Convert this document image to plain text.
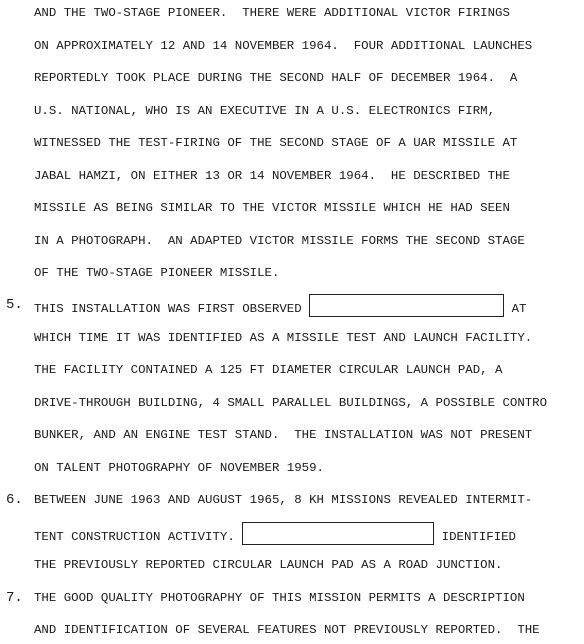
AND THE TWO-STAGE PIONEER.  THERE WERE ADDITIONAL VICTOR FIRINGS
ON APPROXIMATELY 12 AND 14 NOVEMBER 1964.  FOUR ADDITIONAL LAUNCHES
REPORTEDLY TOOK PLACE DURING THE SECOND HALF OF DECEMBER 1964.  A
U.S. NATIONAL, WHO IS AN EXECUTIVE IN A U.S. ELECTRONICS FIRM,
WITNESSED THE TEST-FIRING OF THE SECOND STAGE OF A UAR MISSILE AT
JABAL HAMZI, ON EITHER 13 OR 14 NOVEMBER 1964.  HE DESCRIBED THE
MISSILE AS BEING SIMILAR TO THE VICTOR MISSILE WHICH HE HAD SEEN
IN A PHOTOGRAPH.  AN ADAPTED VICTOR MISSILE FORMS THE SECOND STAGE
OF THE TWO-STAGE PIONEER MISSILE.
5. THIS INSTALLATION WAS FIRST OBSERVED	AT
WHICH TIME IT WAS IDENTIFIED AS A MISSILE TEST AND LAUNCH FACILITY.
THE FACILITY CONTAINED A 125 FT DIAMETER CIRCULAR LAUNCH PAD, A
DRIVE-THROUGH BUILDING, 4 SMALL PARALLEL BUILDINGS, A POSSIBLE CONTRO
BUNKER, AND AN ENGINE TEST STAND.  THE INSTALLATION WAS NOT PRESENT
ON TALENT PHOTOGRAPHY OF NOVEMBER 1959.
6. BETWEEN JUNE 1963 AND AUGUST 1965, 8 KH MISSIONS REVEALED INTERMIT-
TENT CONSTRUCTION ACTIVITY.	IDENTIFIED
THE PREVIOUSLY REPORTED CIRCULAR LAUNCH PAD AS A ROAD JUNCTION.
7. THE GOOD QUALITY PHOTOGRAPHY OF THIS MISSION PERMITS A DESCRIPTION
AND IDENTIFICATION OF SEVERAL FEATURES NOT PREVIOUSLY REPORTED.  THE
